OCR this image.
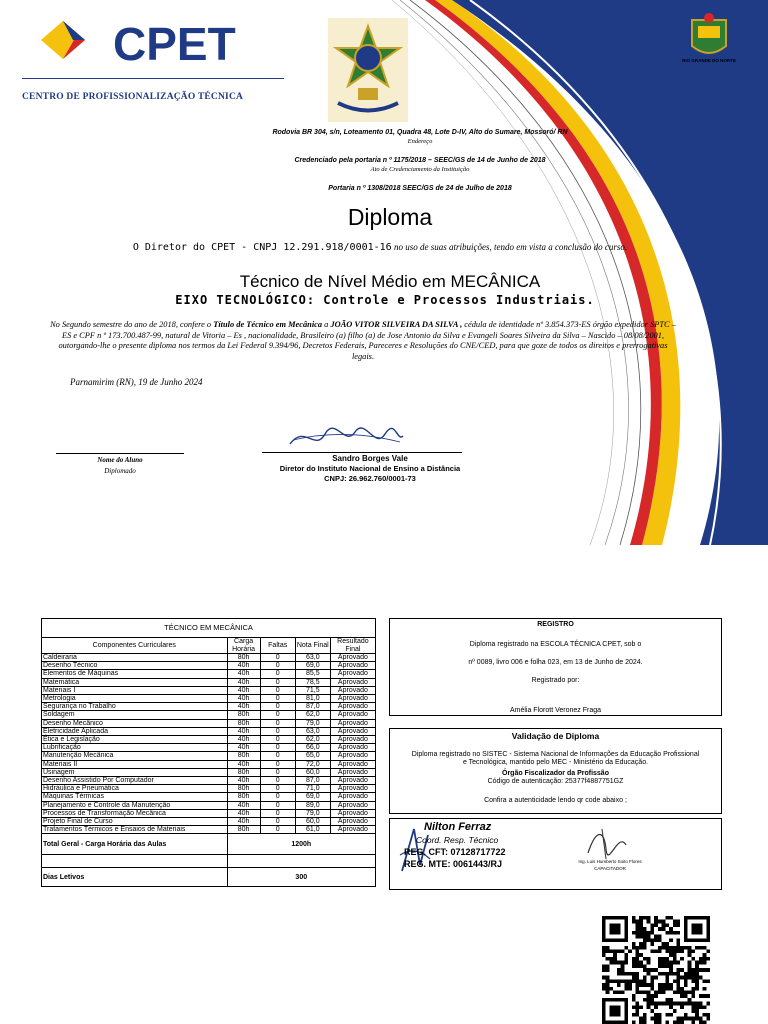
CPET
CENTRO DE PROFISSIONALIZAÇÃO TÉCNICA
RIO GRANDE DO NORTE
Rodovia BR 304, s/n, Loteamento 01, Quadra 48, Lote D-IV, Alto do Sumare, Mossoró/ RN
Endereço
Credenciado pela portaria n º 1175/2018 – SEEC/GS de 14 de Junho de 2018
Ato de Credenciamento da Instituição
Portaria n º 1308/2018 SEEC/GS de 24 de Julho de 2018
Diploma
O Diretor do CPET - CNPJ 12.291.918/0001-16 no uso de suas atribuições, tendo em vista a conclusão do curso.
Técnico de Nível Médio em MECÂNICA
EIXO TECNOLÓGICO: Controle e Processos Industriais.
No Segundo semestre do ano de 2018, confere o Título de Técnico em Mecânica a JOÃO VITOR SILVEIRA DA SILVA , cédula de identidade nº 3.854.373-ES órgão expedidor SPTC – ES e CPF n º 173.700.487-99, natural de Vitoria – Es , nacionalidade, Brasileiro (a) filho (a) de Jose Antonio da Silva e Evangeli Soares Silveira da Silva – Nascido – 08/08/2001, outorgando-lhe o presente diploma nos termos da Lei Federal 9.394/96, Decretos Federais, Pareceres e Resoluções do CNE/CED, para que goze de todos os direitos e prerrogativas legais.
Parnamirim (RN), 19 de Junho 2024
Nome do Aluno
Diplomado
Sandro Borges Vale
Diretor do Instituto Nacional de Ensino a Distância
CNPJ: 26.962.760/0001-73
TÉCNICO EM MECÂNICA				
Componentes Curriculares	Carga Horária	Faltas	Nota Final	Resultado Final
Caldeiraria	80h	0	63,0	Aprovado
Desenho Técnico	40h	0	69,0	Aprovado
Elementos de Máquinas	40h	0	85,5	Aprovado
Matemática	40h	0	78,5	Aprovado
Materiais I	40h	0	71,5	Aprovado
Metrologia	40h	0	81,0	Aprovado
Segurança no Trabalho	40h	0	87,0	Aprovado
Soldagem	80h	0	62,0	Aprovado
Desenho Mecânico	80h	0	79,0	Aprovado
Eletricidade Aplicada	40h	0	63,0	Aprovado
Ética e Legislação	40h	0	62,0	Aprovado
Lubrificação	40h	0	66,0	Aprovado
Manutenção Mecânica	80h	0	65,0	Aprovado
Materiais II	40h	0	72,0	Aprovado
Usinagem	80h	0	60,0	Aprovado
Desenho Assistido Por Computador	40h	0	87,0	Aprovado
Hidráulica e Pneumática	80h	0	71,0	Aprovado
Máquinas Térmicas	80h	0	69,0	Aprovado
Planejamento e Controle da Manutenção	40h	0	89,0	Aprovado
Processos de Transformação Mecânica	40h	0	79,0	Aprovado
Projeto Final de Curso	40h	0	60,0	Aprovado
Tratamentos Térmicos e Ensaios de Materiais	80h	0	61,0	Aprovado
Total Geral - Carga Horária das Aulas	1200h			

Dias Letivos	300			
REGISTRO
Diploma registrado na ESCOLA TÉCNICA CPET, sob o
nº 0089, livro 006 e folha 023, em 13 de Junho de 2024.
Registrado por:
Amélia Florott Veronez Fraga
Validação de Diploma
Diploma registrado no SISTEC - Sistema Nacional de Informações da Educação Profissional
e Tecnológica, mantido pelo MEC - Ministério da Educação.
Órgão Fiscalizador da Profissão
Código de autenticação: 25377f4887751GZ
Confira a autenticidade lendo qr code abaixo ;
Nilton Ferraz
Coord. Resp. Técnico
REG. CFT: 07128717722
REG. MTE: 0061443/RJ	Ing. Luis Humberto Soito Flores
CAPACITADOR
